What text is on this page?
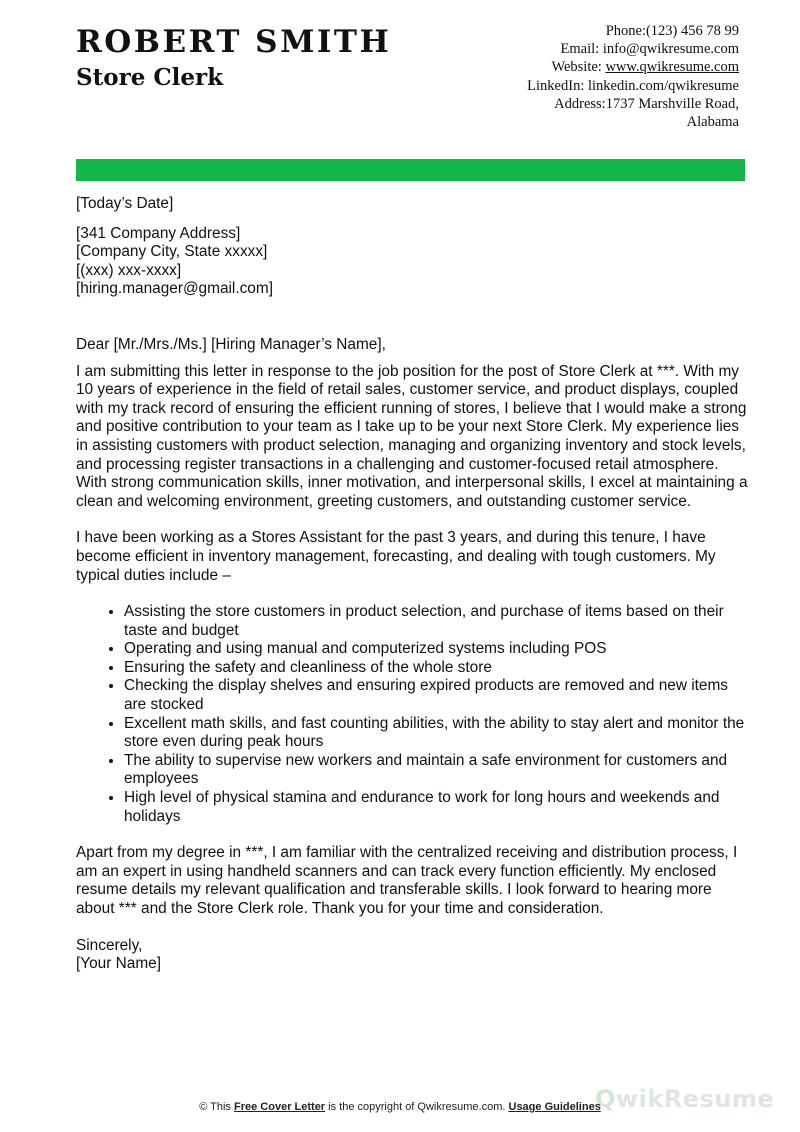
ROBERT SMITH
Store Clerk
Phone:(123) 456 78 99
Email: info@qwikresume.com
Website: www.qwikresume.com
LinkedIn: linkedin.com/qwikresume
Address:1737 Marshville Road,
Alabama

[Today’s Date]

[341 Company Address]
[Company City, State xxxxx]
[(xxx) xxx-xxxx]
[hiring.manager@gmail.com]

Dear [Mr./Mrs./Ms.] [Hiring Manager’s Name],

I am submitting this letter in response to the job position for the post of Store Clerk at ***. With my 10 years of experience in the field of retail sales, customer service, and product displays, coupled with my track record of ensuring the efficient running of stores, I believe that I would make a strong and positive contribution to your team as I take up to be your next Store Clerk. My experience lies in assisting customers with product selection, managing and organizing inventory and stock levels, and processing register transactions in a challenging and customer-focused retail atmosphere. With strong communication skills, inner motivation, and interpersonal skills, I excel at maintaining a clean and welcoming environment, greeting customers, and outstanding customer service.

I have been working as a Stores Assistant for the past 3 years, and during this tenure, I have become efficient in inventory management, forecasting, and dealing with tough customers. My typical duties include –

• Assisting the store customers in product selection, and purchase of items based on their taste and budget
• Operating and using manual and computerized systems including POS
• Ensuring the safety and cleanliness of the whole store
• Checking the display shelves and ensuring expired products are removed and new items are stocked
• Excellent math skills, and fast counting abilities, with the ability to stay alert and monitor the store even during peak hours
• The ability to supervise new workers and maintain a safe environment for customers and employees
• High level of physical stamina and endurance to work for long hours and weekends and holidays

Apart from my degree in ***, I am familiar with the centralized receiving and distribution process, I am an expert in using handheld scanners and can track every function efficiently. My enclosed resume details my relevant qualification and transferable skills. I look forward to hearing more about *** and the Store Clerk role. Thank you for your time and consideration.

Sincerely,
[Your Name]
QwikResume
© This Free Cover Letter is the copyright of Qwikresume.com. Usage Guidelines
